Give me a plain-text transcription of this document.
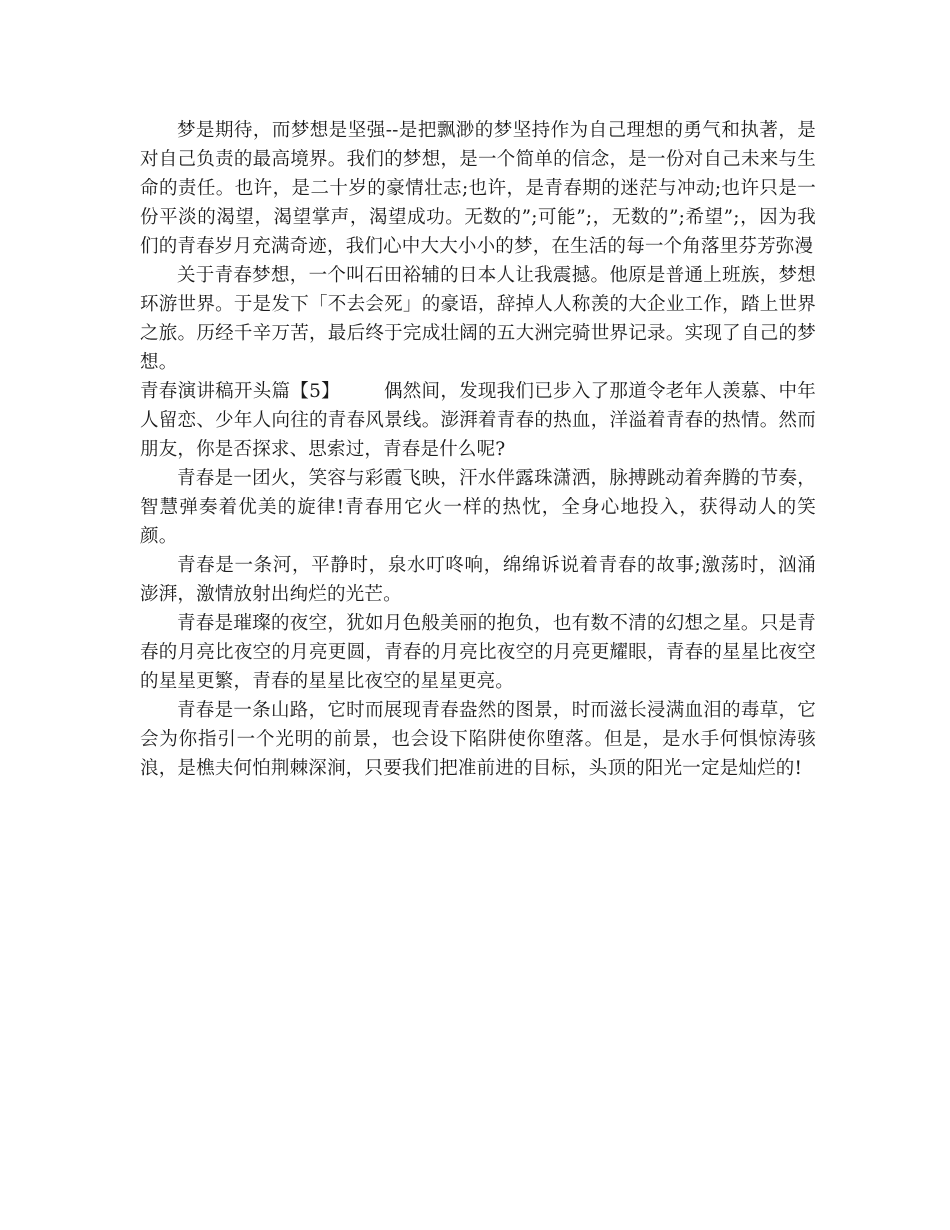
梦是期待，而梦想是坚强--是把飘渺的梦坚持作为自己理想的勇气和执著，是对自己负责的最高境界。我们的梦想，是一个简单的信念，是一份对自己未来与生命的责任。也许，是二十岁的豪情壮志;也许，是青春期的迷茫与冲动;也许只是一份平淡的渴望，渴望掌声，渴望成功。无数的”;可能”;，无数的”;希望”;，因为我们的青春岁月充满奇迹，我们心中大大小小的梦，在生活的每一个角落里芬芳弥漫

关于青春梦想，一个叫石田裕辅的日本人让我震撼。他原是普通上班族，梦想环游世界。于是发下「不去会死」的豪语，辞掉人人称羡的大企业工作，踏上世界之旅。历经千辛万苦，最后终于完成壮阔的五大洲完骑世界记录。实现了自己的梦想。

青春演讲稿开头篇【5】 偶然间，发现我们已步入了那道令老年人羡慕、中年人留恋、少年人向往的青春风景线。澎湃着青春的热血，洋溢着青春的热情。然而朋友，你是否探求、思索过，青春是什么呢?

青春是一团火，笑容与彩霞飞映，汗水伴露珠潇洒，脉搏跳动着奔腾的节奏，智慧弹奏着优美的旋律!青春用它火一样的热忱，全身心地投入，获得动人的笑颜。

青春是一条河，平静时，泉水叮咚响，绵绵诉说着青春的故事;激荡时，汹涌澎湃，激情放射出绚烂的光芒。

青春是璀璨的夜空，犹如月色般美丽的抱负，也有数不清的幻想之星。只是青春的月亮比夜空的月亮更圆，青春的月亮比夜空的月亮更耀眼，青春的星星比夜空的星星更繁，青春的星星比夜空的星星更亮。

青春是一条山路，它时而展现青春盎然的图景，时而滋长浸满血泪的毒草，它会为你指引一个光明的前景，也会设下陷阱使你堕落。但是，是水手何惧惊涛骇浪，是樵夫何怕荆棘深涧，只要我们把准前进的目标，头顶的阳光一定是灿烂的!
